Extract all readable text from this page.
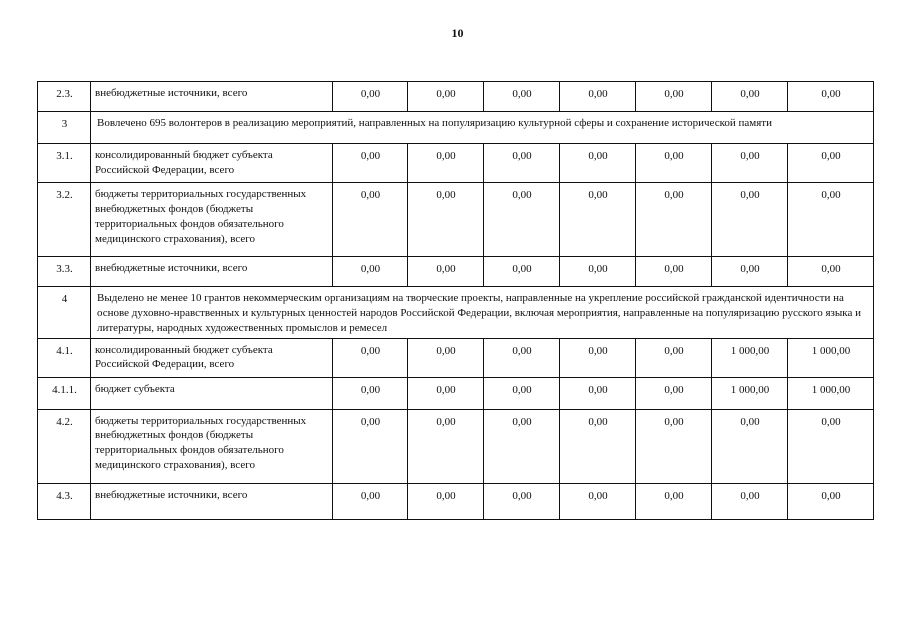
10
2.3.	внебюджетные источники, всего	0,00	0,00	0,00	0,00	0,00	0,00	0,00
3	Вовлечено 695 волонтеров в реализацию мероприятий, направленных на популяризацию культурной сферы и сохранение исторической памяти							
3.1.	консолидированный бюджет субъекта Российской Федерации, всего	0,00	0,00	0,00	0,00	0,00	0,00	0,00
3.2.	бюджеты территориальных государственных внебюджетных фондов (бюджеты территориальных фондов обязательного медицинского страхования), всего	0,00	0,00	0,00	0,00	0,00	0,00	0,00
3.3.	внебюджетные источники, всего	0,00	0,00	0,00	0,00	0,00	0,00	0,00
4	Выделено не менее 10 грантов некоммерческим организациям на творческие проекты, направленные на укрепление российской гражданской идентичности на основе духовно-нравственных и культурных ценностей народов Российской Федерации, включая мероприятия, направленные на популяризацию русского языка и литературы, народных художественных промыслов и ремесел							
4.1.	консолидированный бюджет субъекта Российской Федерации, всего	0,00	0,00	0,00	0,00	0,00	1 000,00	1 000,00
4.1.1.	бюджет субъекта	0,00	0,00	0,00	0,00	0,00	1 000,00	1 000,00
4.2.	бюджеты территориальных государственных внебюджетных фондов (бюджеты территориальных фондов обязательного медицинского страхования), всего	0,00	0,00	0,00	0,00	0,00	0,00	0,00
4.3.	внебюджетные источники, всего	0,00	0,00	0,00	0,00	0,00	0,00	0,00
